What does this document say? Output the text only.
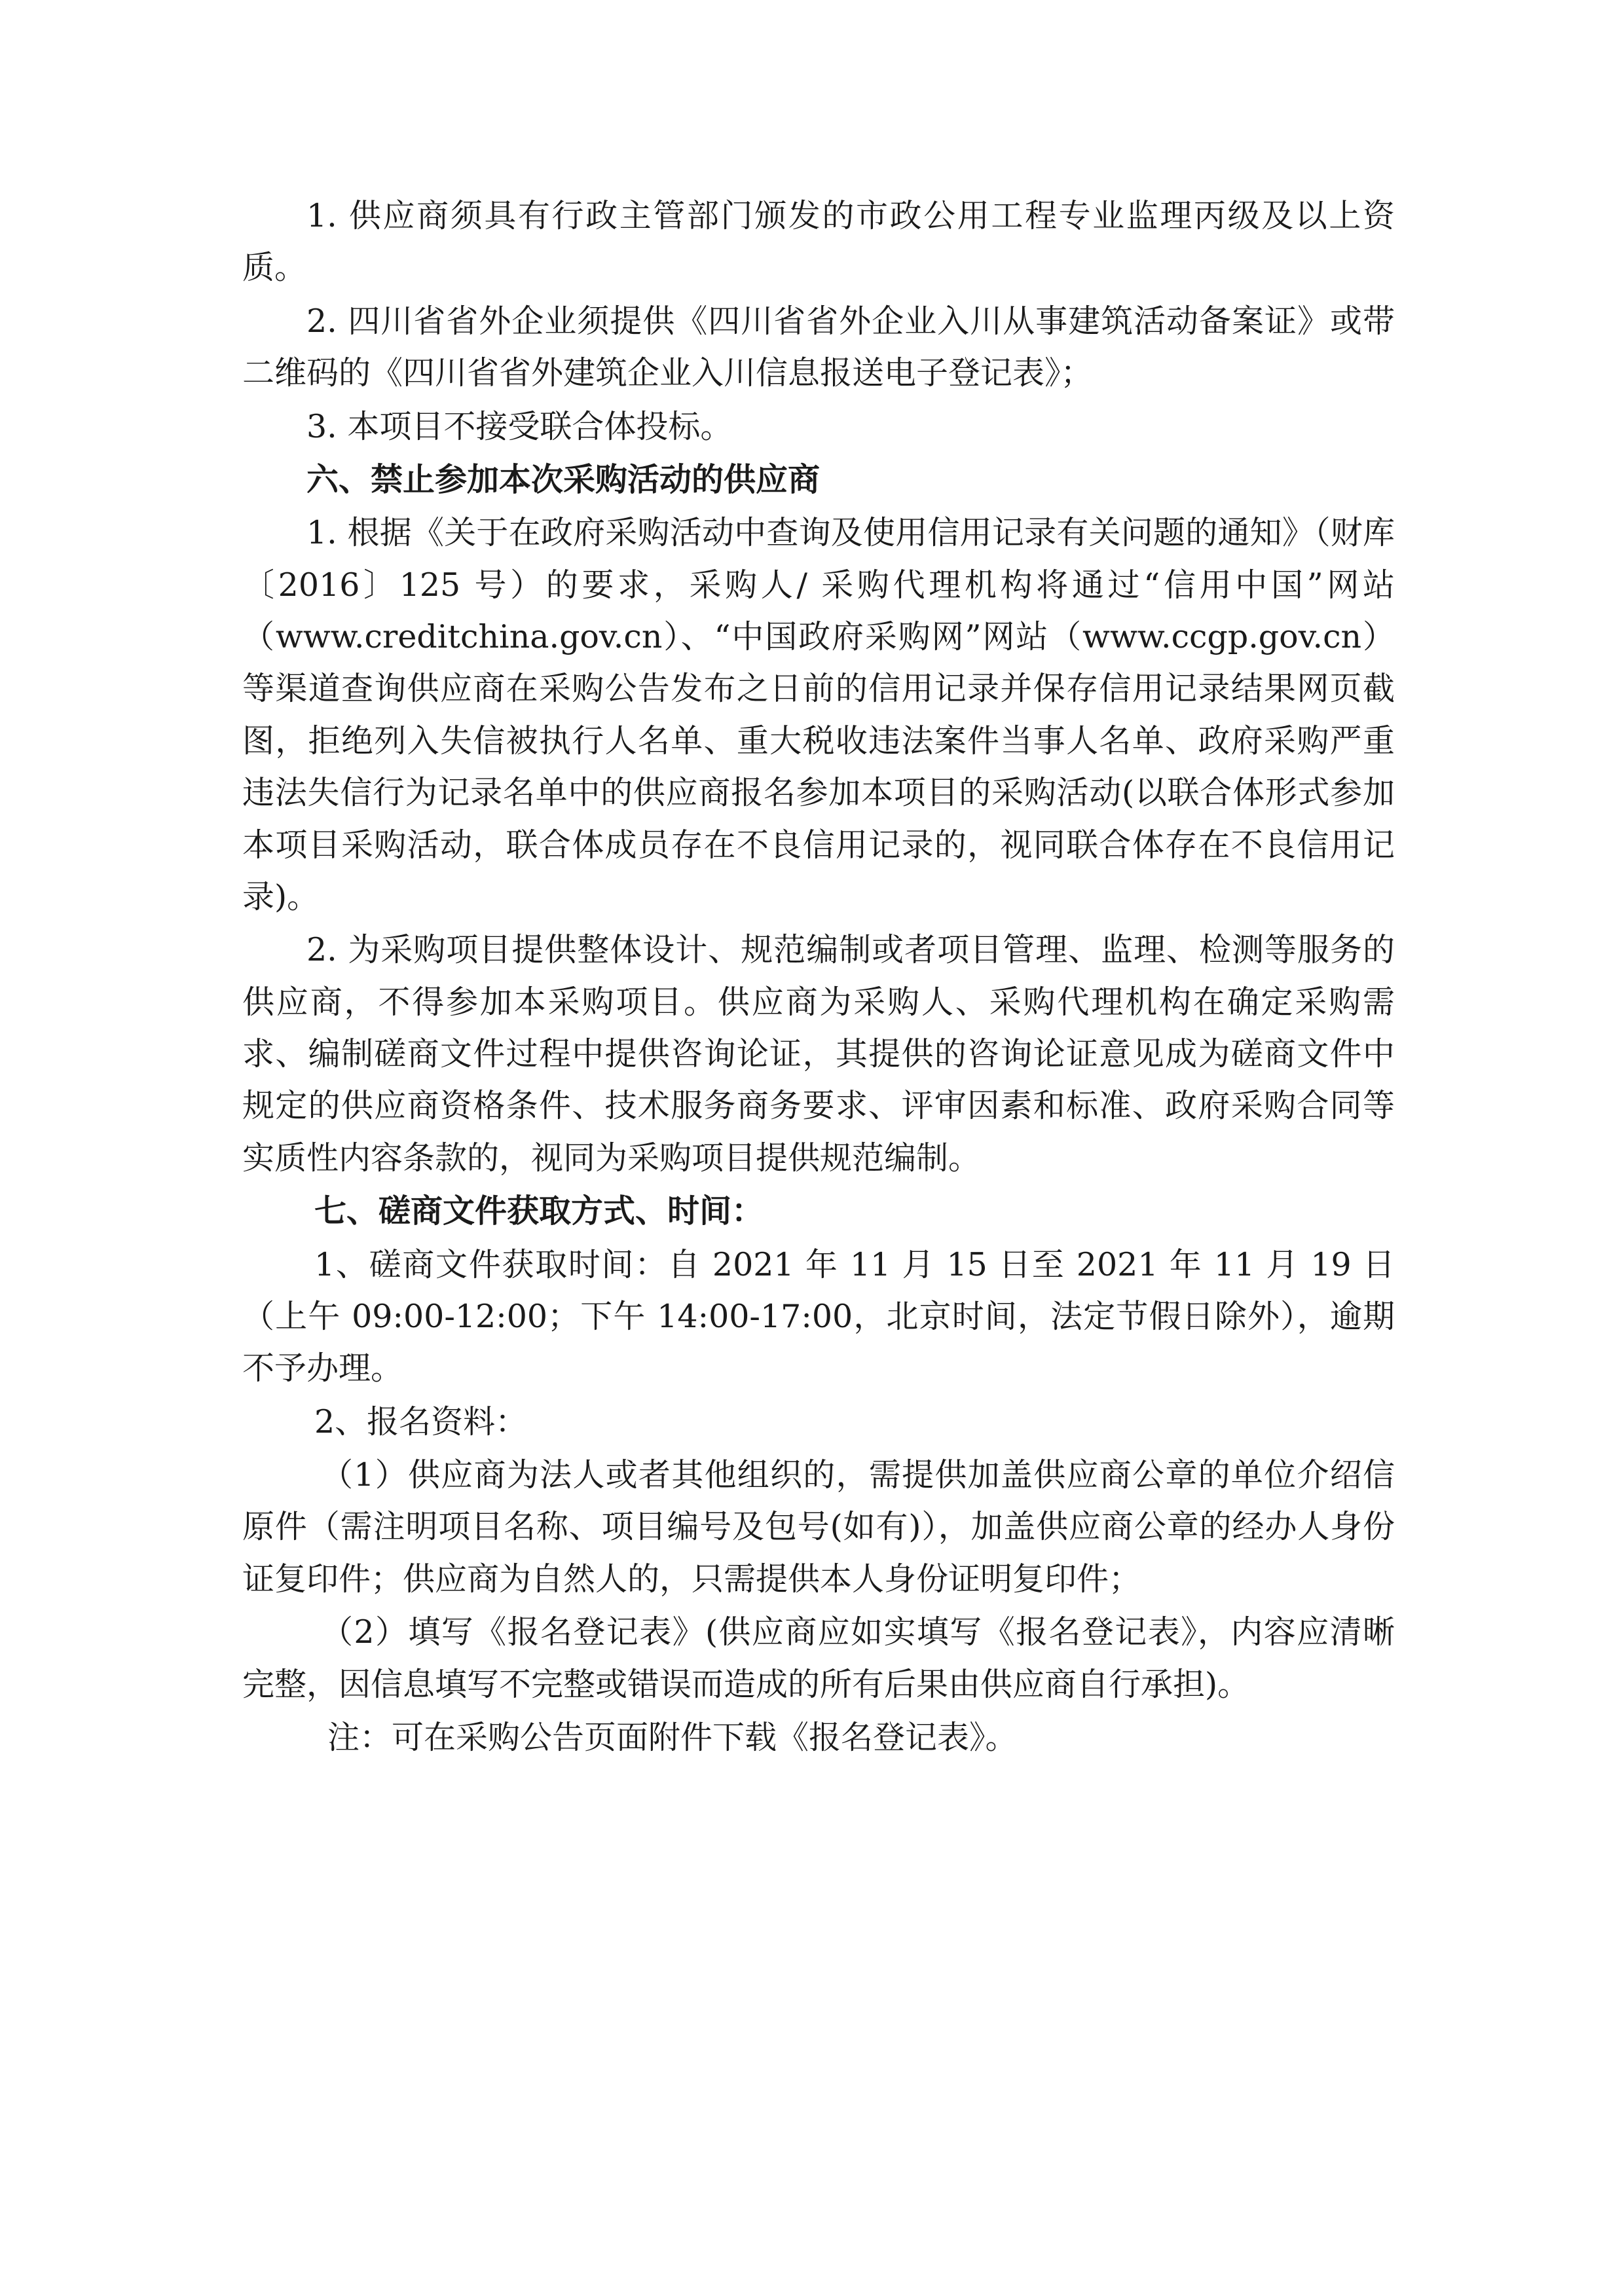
1. 供应商须具有行政主管部门颁发的市政公用工程专业监理丙级及以上资质。

2. 四川省省外企业须提供《四川省省外企业入川从事建筑活动备案证》或带二维码的《四川省省外建筑企业入川信息报送电子登记表》；

3. 本项目不接受联合体投标。

六、禁止参加本次采购活动的供应商

1. 根据《关于在政府采购活动中查询及使用信用记录有关问题的通知》（财库〔2016〕125 号）的要求，采购人/ 采购代理机构将通过“信用中国”网站（www.creditchina.gov.cn）、“中国政府采购网”网站（www.ccgp.gov.cn）等渠道查询供应商在采购公告发布之日前的信用记录并保存信用记录结果网页截图，拒绝列入失信被执行人名单、重大税收违法案件当事人名单、政府采购严重违法失信行为记录名单中的供应商报名参加本项目的采购活动(以联合体形式参加本项目采购活动，联合体成员存在不良信用记录的，视同联合体存在不良信用记录)。

2. 为采购项目提供整体设计、规范编制或者项目管理、监理、检测等服务的供应商，不得参加本采购项目。供应商为采购人、采购代理机构在确定采购需求、编制磋商文件过程中提供咨询论证，其提供的咨询论证意见成为磋商文件中规定的供应商资格条件、技术服务商务要求、评审因素和标准、政府采购合同等实质性内容条款的，视同为采购项目提供规范编制。

七、磋商文件获取方式、时间：

1、磋商文件获取时间：自 2021 年 11 月 15 日至 2021 年 11 月 19 日（上午 09:00-12:00；下午 14:00-17:00，北京时间，法定节假日除外），逾期不予办理。

2、报名资料：

（1）供应商为法人或者其他组织的，需提供加盖供应商公章的单位介绍信原件（需注明项目名称、项目编号及包号(如有)），加盖供应商公章的经办人身份证复印件；供应商为自然人的，只需提供本人身份证明复印件；

（2）填写《报名登记表》(供应商应如实填写《报名登记表》，内容应清晰完整，因信息填写不完整或错误而造成的所有后果由供应商自行承担)。

注：可在采购公告页面附件下载《报名登记表》。
